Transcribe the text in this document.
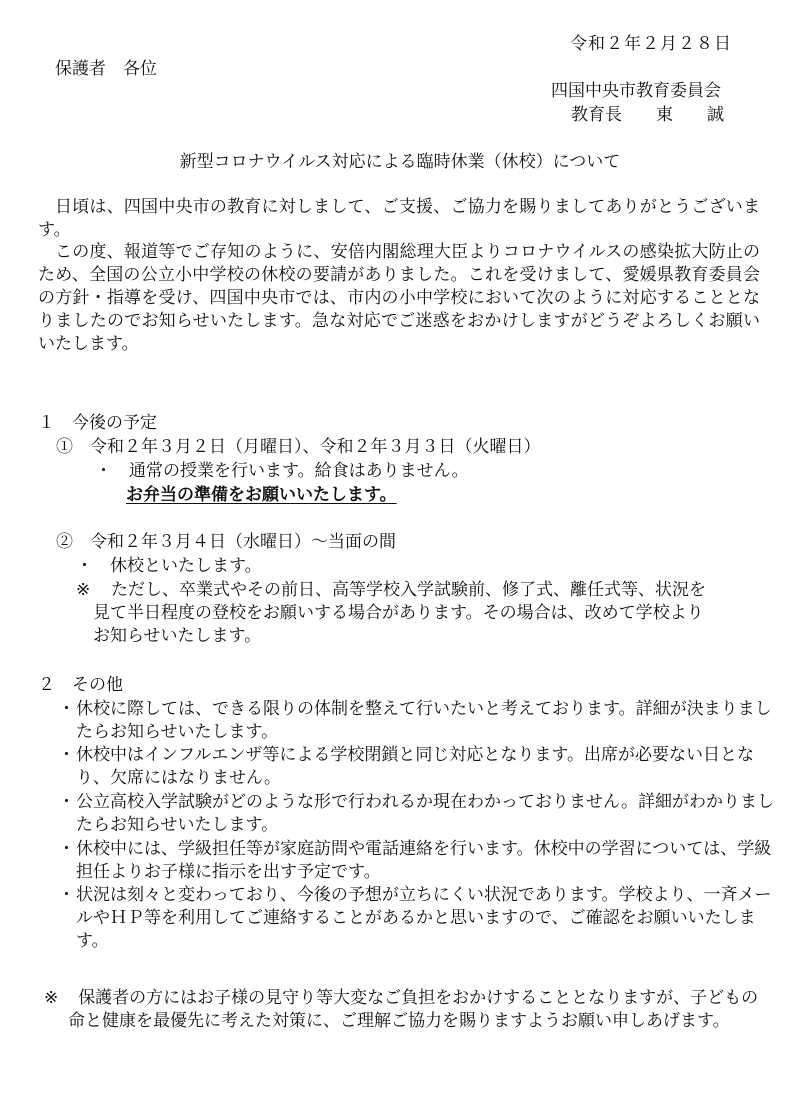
令和２年２月２８日
保護者　各位
四国中央市教育委員会
教育長　　東　　誠
新型コロナウイルス対応による臨時休業（休校）について

日頃は、四国中央市の教育に対しまして、ご支援、ご協力を賜りましてありがとうございます。

この度、報道等でご存知のように、安倍内閣総理大臣よりコロナウイルスの感染拡大防止のため、全国の公立小中学校の休校の要請がありました。これを受けまして、愛媛県教育委員会の方針・指導を受け、四国中央市では、市内の小中学校において次のように対応することとなりましたのでお知らせいたします。急な対応でご迷惑をおかけしますがどうぞよろしくお願いいたします。

１　今後の予定
①　令和２年３月２日（月曜日）、令和２年３月３日（火曜日）
・　通常の授業を行います。給食はありません。
お弁当の準備をお願いいたします。
②　令和２年３月４日（水曜日）～当面の間
・　休校といたします。
※ ただし、卒業式やその前日、高等学校入学試験前、修了式、離任式等、状況を
見て半日程度の登校をお願いする場合があります。その場合は、改めて学校より
お知らせいたします。
２　その他
・ 休校に際しては、できる限りの体制を整えて行いたいと考えております。詳細が決まりましたらお知らせいたします。
・ 休校中はインフルエンザ等による学校閉鎖と同じ対応となります。出席が必要ない日となり、欠席にはなりません。
・ 公立高校入学試験がどのような形で行われるか現在わかっておりません。詳細がわかりましたらお知らせいたします。
・ 休校中には、学級担任等が家庭訪問や電話連絡を行います。休校中の学習については、学級担任よりお子様に指示を出す予定です。
・ 状況は刻々と変わっており、今後の予想が立ちにくい状況であります。学校より、一斉メールやＨＰ等を利用してご連絡することがあるかと思いますので、ご確認をお願いいたします。
※	保護者の方にはお子様の見守り等大変なご負担をおかけすることとなりますが、子どもの命と健康を最優先に考えた対策に、ご理解ご協力を賜りますようお願い申しあげます。
